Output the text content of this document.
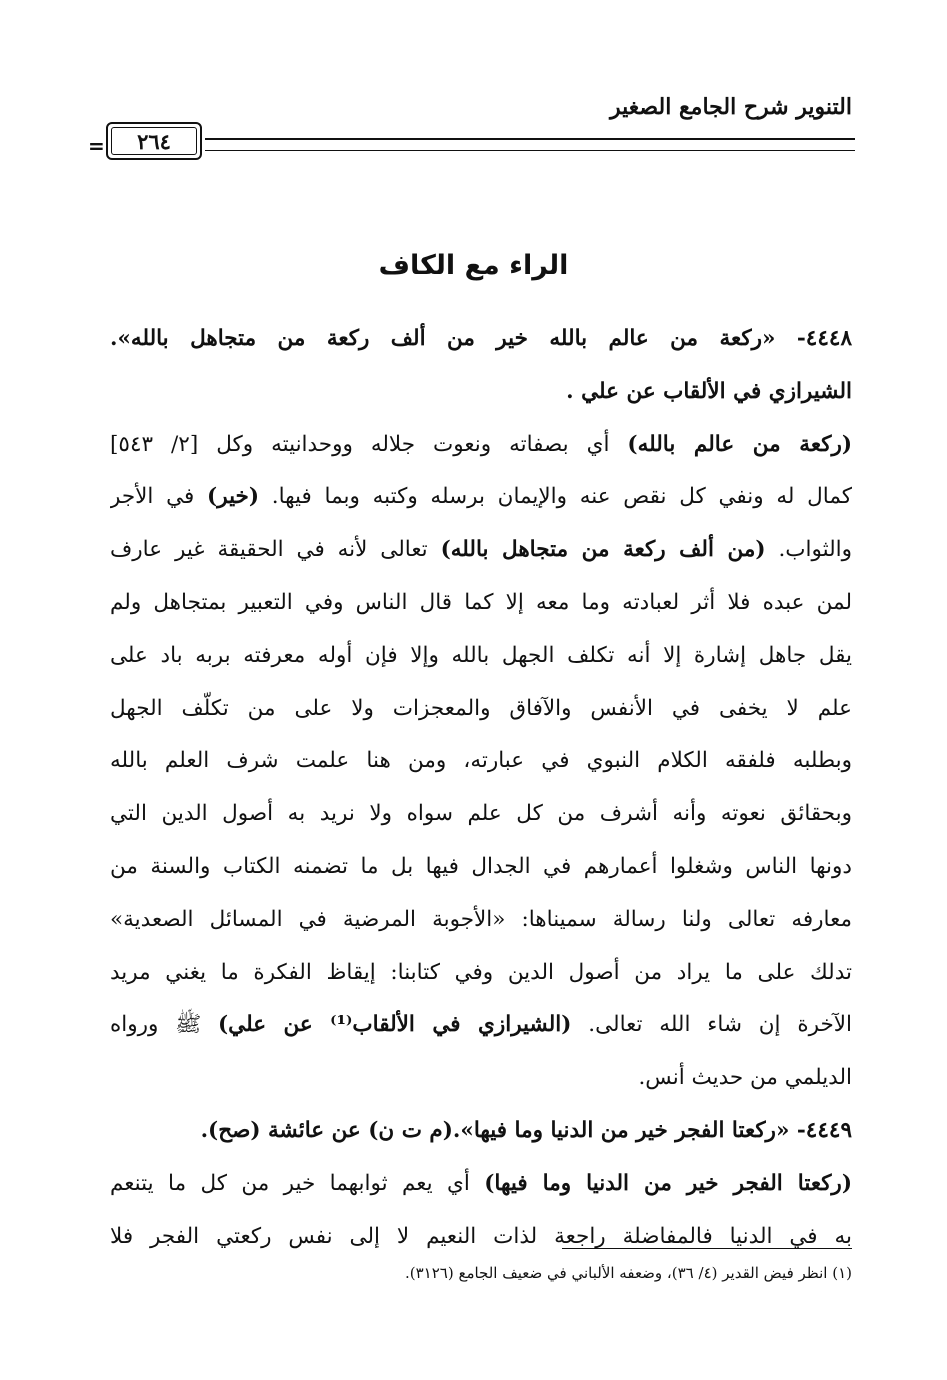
التنوير شرح الجامع الصغير
= ٢٦٤
الراء مع الكاف
٤٤٤٨- «ركعة من عالم بالله خير من ألف ركعة من متجاهل بالله».
الشيرازي في الألقاب عن علي .
(ركعة من عالم بالله) أي بصفاته ونعوت جلاله ووحدانيته وكل [٢/ ٥٤٣]
كمال له ونفي كل نقص عنه والإيمان برسله وكتبه وبما فيها. (خير) في الأجر
والثواب. (من ألف ركعة من متجاهل بالله) تعالى لأنه في الحقيقة غير عارف
لمن عبده فلا أثر لعبادته وما معه إلا كما قال الناس وفي التعبير بمتجاهل ولم
يقل جاهل إشارة إلا أنه تكلف الجهل بالله وإلا فإن أوله معرفته بربه باد على
علم لا يخفى في الأنفس والآفاق والمعجزات ولا على من تكلّف الجهل
وبطلبه فلفقه الكلام النبوي في عبارته، ومن هنا علمت شرف العلم بالله
وبحقائق نعوته وأنه أشرف من كل علم سواه ولا نريد به أصول الدين التي
دونها الناس وشغلوا أعمارهم في الجدال فيها بل ما تضمنه الكتاب والسنة من
معارفه تعالى ولنا رسالة سميناها: «الأجوبة المرضية في المسائل الصعدية»
تدلك على ما يراد من أصول الدين وفي كتابنا: إيقاظ الفكرة ما يغني مريد
الآخرة إن شاء الله تعالى. (الشيرازي في الألقاب⁽¹⁾ عن علي) ﷺ ورواه
الديلمي من حديث أنس.
٤٤٤٩- «ركعتا الفجر خير من الدنيا وما فيها».(م ت ن) عن عائشة (صح).
(ركعتا الفجر خير من الدنيا وما فيها) أي يعم ثوابهما خير من كل ما يتنعم
به في الدنيا فالمفاضلة راجعة لذات النعيم لا إلى نفس ركعتي الفجر فلا
(١) انظر فيض القدير (٤/ ٣٦)، وضعفه الألباني في ضعيف الجامع (٣١٢٦).
